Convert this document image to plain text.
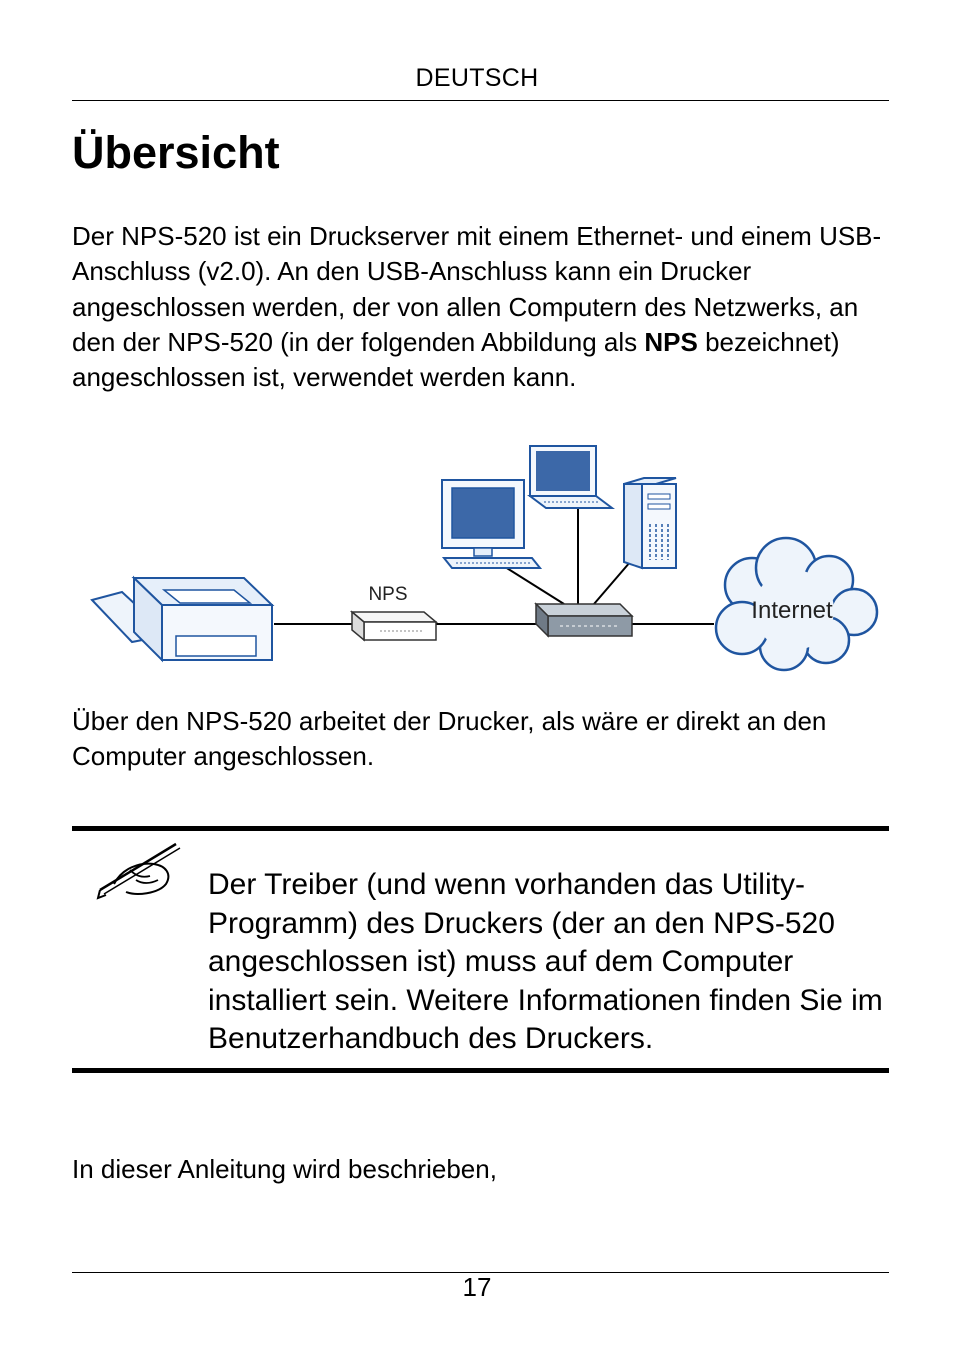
DEUTSCH
Übersicht
Der NPS-520 ist ein Druckserver mit einem Ethernet- und einem USB-Anschluss (v2.0). An den USB-Anschluss kann ein Drucker angeschlossen werden, der von allen Computern des Netzwerks, an den der NPS-520 (in der folgenden Abbildung als NPS bezeichnet) angeschlossen ist, verwendet werden kann.
NPS
Internet
Über den NPS-520 arbeitet der Drucker, als wäre er direkt an den Computer angeschlossen.
Der Treiber (und wenn vorhanden das Utility-Programm) des Druckers (der an den NPS-520 angeschlossen ist) muss auf dem Computer installiert sein. Weitere Informationen finden Sie im Benutzerhandbuch des Druckers.
In dieser Anleitung wird beschrieben,
17
